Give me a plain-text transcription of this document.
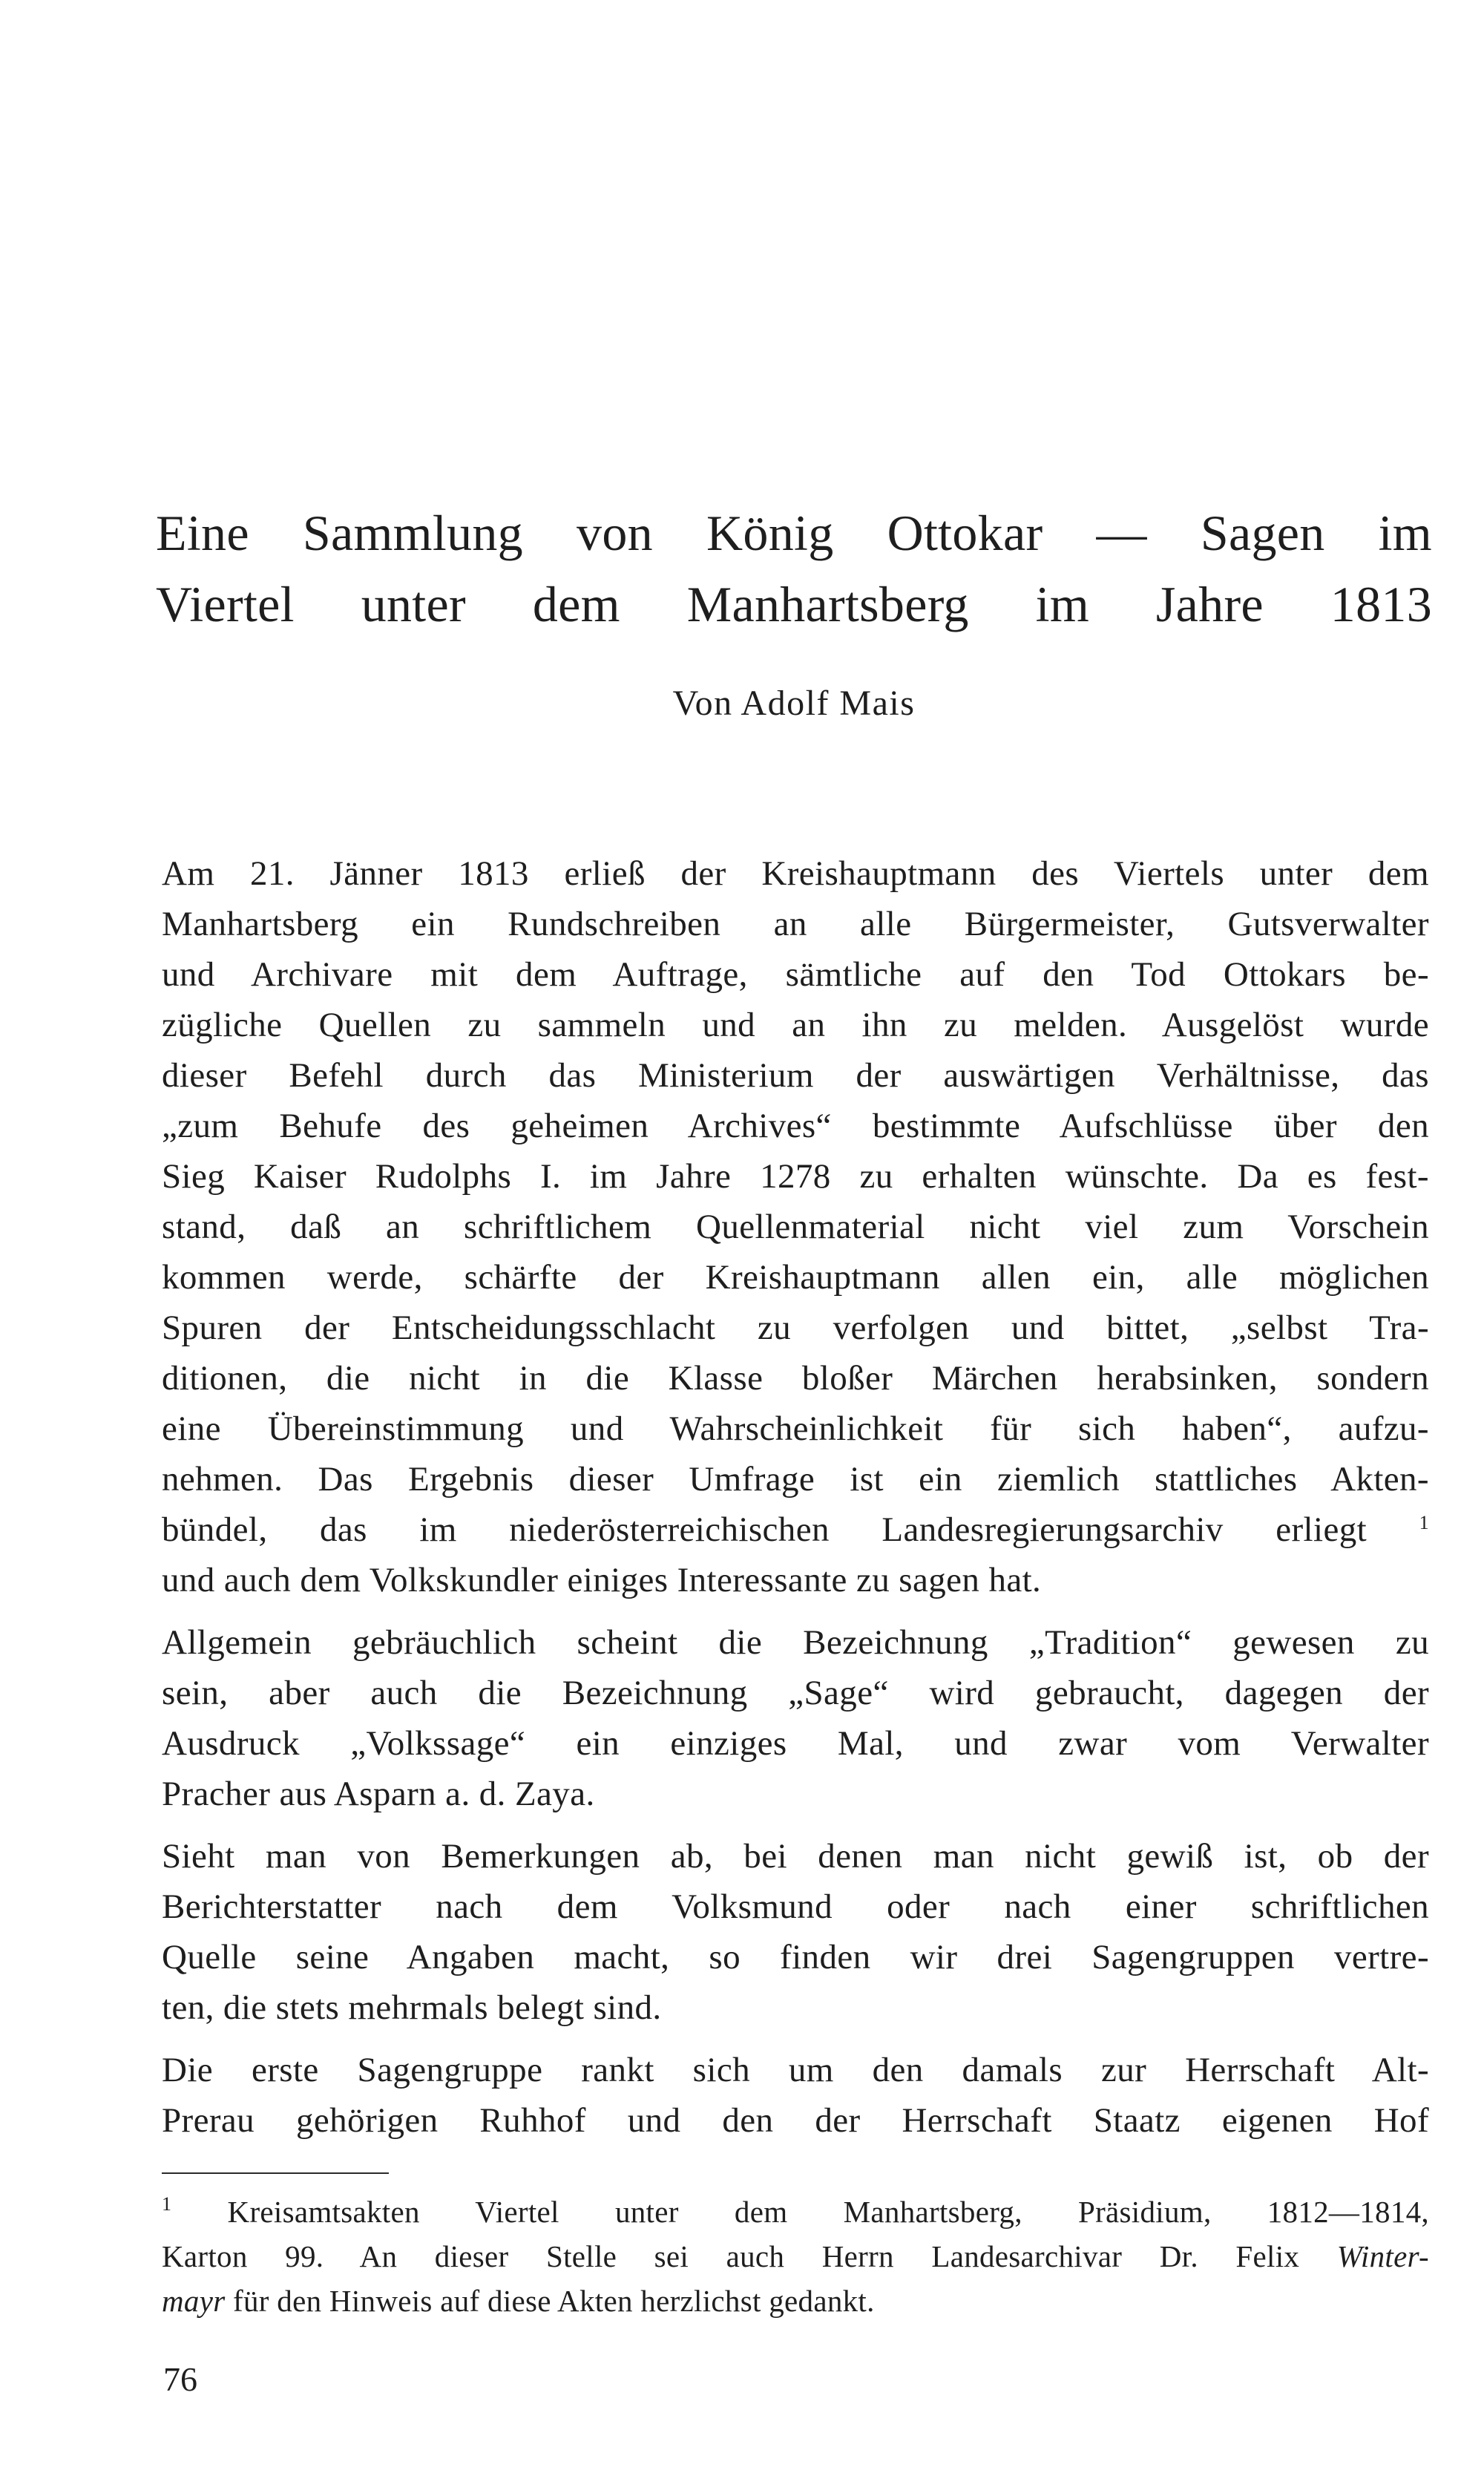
Eine Sammlung von König Ottokar — Sagen im
Viertel unter dem Manhartsberg im Jahre 1813

Von Adolf Mais

Am 21. Jänner 1813 erließ der Kreishauptmann des Viertels unter dem

Manhartsberg ein Rundschreiben an alle Bürgermeister, Gutsverwalter

und Archivare mit dem Auftrage, sämtliche auf den Tod Ottokars be-

zügliche Quellen zu sammeln und an ihn zu melden. Ausgelöst wurde

dieser Befehl durch das Ministerium der auswärtigen Verhältnisse, das

„zum Behufe des geheimen Archives“ bestimmte Aufschlüsse über den

Sieg Kaiser Rudolphs I. im Jahre 1278 zu erhalten wünschte. Da es fest-

stand, daß an schriftlichem Quellenmaterial nicht viel zum Vorschein

kommen werde, schärfte der Kreishauptmann allen ein, alle möglichen

Spuren der Entscheidungsschlacht zu verfolgen und bittet, „selbst Tra-

ditionen, die nicht in die Klasse bloßer Märchen herabsinken, sondern

eine Übereinstimmung und Wahrscheinlichkeit für sich haben“, aufzu-

nehmen. Das Ergebnis dieser Umfrage ist ein ziemlich stattliches Akten-

bündel, das im niederösterreichischen Landesregierungsarchiv erliegt	$^1$

und auch dem Volkskundler einiges Interessante zu sagen hat.

Allgemein gebräuchlich scheint die Bezeichnung „Tradition“ gewesen zu

sein, aber auch die Bezeichnung „Sage“ wird gebraucht, dagegen der

Ausdruck „Volkssage“ ein einziges Mal, und zwar vom Verwalter

Pracher aus Asparn a. d. Zaya.

Sieht man von Bemerkungen ab, bei denen man nicht gewiß ist, ob der

Berichterstatter nach dem Volksmund oder nach einer schriftlichen

Quelle seine Angaben macht, so finden wir drei Sagengruppen vertre-

ten, die stets mehrmals belegt sind.

Die erste Sagengruppe rankt sich um den damals zur Herrschaft Alt-

Prerau gehörigen Ruhhof und den der Herrschaft Staatz eigenen Hof

$^1$ Kreisamtsakten Viertel unter dem Manhartsberg, Präsidium, 1812—1814,

Karton 99. An dieser Stelle sei auch Herrn Landesarchivar Dr. Felix Winter-

mayr für den Hinweis auf diese Akten herzlichst gedankt.

76
